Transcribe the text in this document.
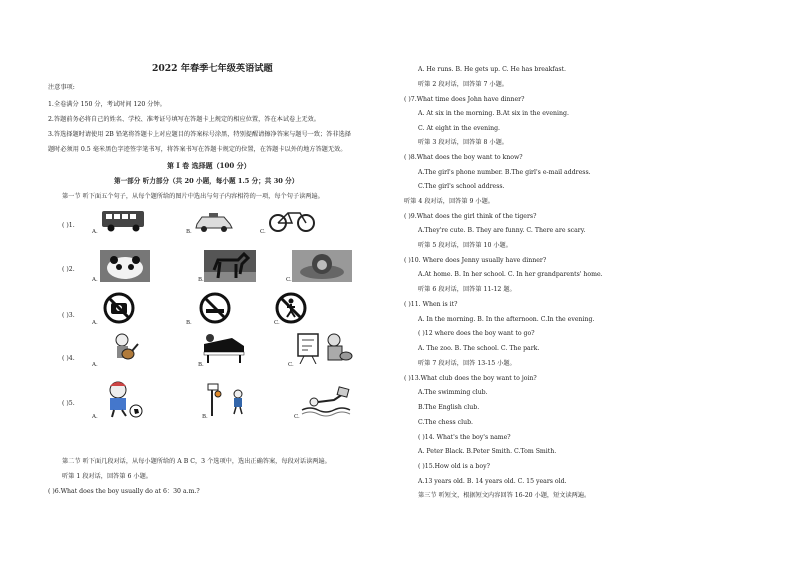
2022 年春季七年级英语试题
注意事项:
1.全卷满分 150 分，考试时间 120 分钟。
2.答题前务必将自己的姓名、学校、准考证号填写在答题卡上规定的相应位置，答在本试卷上无效。
3.答选择题时请使用 2B 铅笔将答题卡上对应题目的答案标号涂黑，特别提醒请擦净答案与题号一致；答非选择
题时必须用 0.5 毫米黑色字迹签字笔书写，将答案书写在答题卡规定的位置，在答题卡以外的地方答题无效。
第 I 卷 选择题（100 分）
第一部分 听力部分（共 20 小题，每小题 1.5 分；共 30 分）
第一节 听下面五个句子，从每个题所给的图片中选出与句子内容相符的一项，每个句子读两遍。
( )1.
A.	B.	C.
( )2.
A.	B.	C.
( )3.
A.	B.	C.
( )4.
A.	B.	C.
( )5.
A.	B.	C.
第二节 听下面几段对话，从每小题所给的 A B C，3 个选项中，选出正确答案，每段对话读两遍。
听第 1 段对话，回答第 6 小题。
( )6.What does the boy usually do at 6：30 a.m.?
A. He runs. B. He gets up. C. He has breakfast.
听第 2 段对话，回答第 7 小题。
( )7.What time does John have dinner?
A. At six in the morning. B.At six in the evening.
C. At eight in the evening.
听第 3 段对话，回答第 8 小题。
( )8.What does the boy want to know?
A.The girl's phone number. B.The girl's e-mail address.
C.The girl's school address.
听第 4 段对话，回答第 9 小题。
( )9.What does the girl think of the tigers?
A.They're cute. B. They are funny. C. There are scary.
听第 5 段对话，回答第 10 小题。
( )10. Where does Jenny usually have dinner?
A.At home. B. In her school. C. In her grandparents' home.
听第 6 段对话，回答第 11-12 题。
( )11. When is it?
A. In the morning. B. In the afternoon. C.In the evening.
( )12 where does the boy want to go?
A. The zoo. B. The school. C. The park.
听第 7 段对话，回答 13-15 小题。
( )13.What club does the boy want to join?
A.The swimming club.
B.The English club.
C.The chess club.
( )14. What's the boy's name?
A. Peter Black. B.Peter Smith. C.Tom Smith.
( )15.How old is a boy?
A.13 years old. B. 14 years old. C. 15 years old.
第三节 听短文，根据短文内容回答 16-20 小题，短文读两遍。
